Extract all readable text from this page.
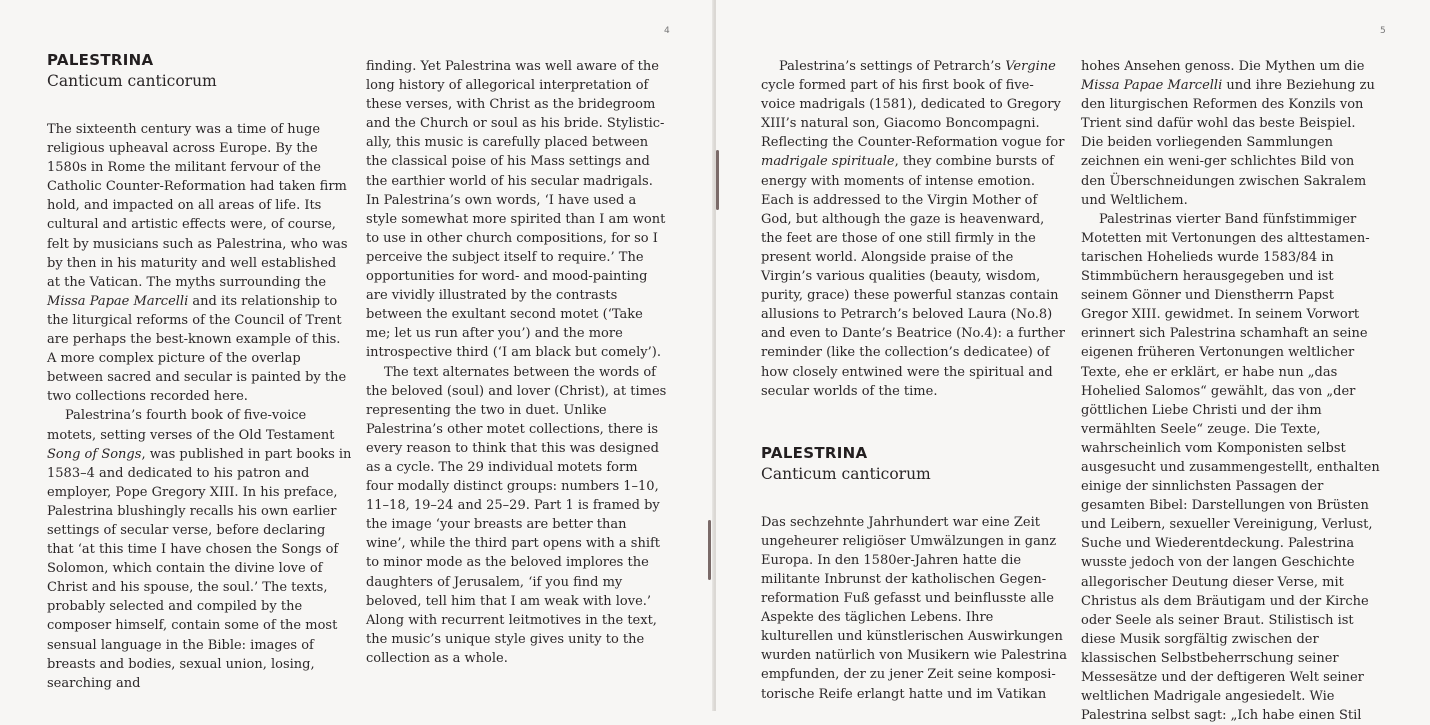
4
PALESTRINA
Canticum canticorum

The sixteenth century was a time of huge religious upheaval across Europe. By the 1580s in Rome the militant fervour of the Catholic Counter-Reformation had taken firm hold, and impacted on all areas of life. Its cultural and artistic effects were, of course, felt by musicians such as Palestrina, who was by then in his maturity and well established at the Vatican. The myths surrounding the Missa Papae Marcelli and its relationship to the liturgical reforms of the Council of Trent are perhaps the best-known example of this. A more complex picture of the overlap between sacred and secular is painted by the two collections recorded here.

Palestrina’s fourth book of five-voice motets, setting verses of the Old Testament Song of Songs, was published in part books in 1583–4 and dedicated to his patron and employer, Pope Gregory XIII. In his preface, Palestrina blushingly recalls his own earlier settings of secular verse, before declaring that ‘at this time I have chosen the Songs of Solomon, which contain the divine love of Christ and his spouse, the soul.’ The texts, probably selected and compiled by the composer himself, contain some of the most sensual language in the Bible: images of breasts and bodies, sexual union, losing, searching and

finding. Yet Palestrina was well aware of the long history of allegorical interpretation of these verses, with Christ as the bridegroom and the Church or soul as his bride. Stylistic-ally, this music is carefully placed between the classical poise of his Mass settings and the earthier world of his secular madrigals. In Palestrina’s own words, ‘I have used a style somewhat more spirited than I am wont to use in other church compositions, for so I perceive the subject itself to require.’ The opportunities for word- and mood-painting are vividly illustrated by the contrasts between the exultant second motet (‘Take me; let us run after you’) and the more introspective third (‘I am black but comely’).

The text alternates between the words of the beloved (soul) and lover (Christ), at times representing the two in duet. Unlike Palestrina’s other motet collections, there is every reason to think that this was designed as a cycle. The 29 individual motets form four modally distinct groups: numbers 1–10, 11–18, 19–24 and 25–29. Part 1 is framed by the image ‘your breasts are better than wine’, while the third part opens with a shift to minor mode as the beloved implores the daughters of Jerusalem, ‘if you find my beloved, tell him that I am weak with love.’ Along with recurrent leitmotives in the text, the music’s unique style gives unity to the collection as a whole.

5

Palestrina’s settings of Petrarch’s Vergine cycle formed part of his first book of five-voice madrigals (1581), dedicated to Gregory XIII’s natural son, Giacomo Boncompagni. Reflecting the Counter-Reformation vogue for madrigale spirituale, they combine bursts of energy with moments of intense emotion. Each is addressed to the Virgin Mother of God, but although the gaze is heavenward, the feet are those of one still firmly in the present world. Alongside praise of the Virgin’s various qualities (beauty, wisdom, purity, grace) these powerful stanzas contain allusions to Petrarch’s beloved Laura (No.8) and even to Dante’s Beatrice (No.4): a further reminder (like the collection’s dedicatee) of how closely entwined were the spiritual and secular worlds of the time.

PALESTRINA
Canticum canticorum

Das sechzehnte Jahrhundert war eine Zeit ungeheurer religiöser Umwälzungen in ganz Europa. In den 1580er-Jahren hatte die militante Inbrunst der katholischen Gegen-reformation Fuß gefasst und beinflusste alle Aspekte des täglichen Lebens. Ihre kulturellen und künstlerischen Auswirkungen wurden natürlich von Musikern wie Palestrina empfunden, der zu jener Zeit seine komposi-torische Reife erlangt hatte und im Vatikan

hohes Ansehen genoss. Die Mythen um die Missa Papae Marcelli und ihre Beziehung zu den liturgischen Reformen des Konzils von Trient sind dafür wohl das beste Beispiel. Die beiden vorliegenden Sammlungen zeichnen ein weni-ger schlichtes Bild von den Überschneidungen zwischen Sakralem und Weltlichem.

Palestrinas vierter Band fünfstimmiger Motetten mit Vertonungen des alttestamen-tarischen Hohelieds wurde 1583/84 in Stimmbüchern herausgegeben und ist seinem Gönner und Dienstherrn Papst Gregor XIII. gewidmet. In seinem Vorwort erinnert sich Palestrina schamhaft an seine eigenen früheren Vertonungen weltlicher Texte, ehe er erklärt, er habe nun „das Hohelied Salomos“ gewählt, das von „der göttlichen Liebe Christi und der ihm vermählten Seele“ zeuge. Die Texte, wahrscheinlich vom Komponisten selbst ausgesucht und zusammengestellt, enthalten einige der sinnlichsten Passagen der gesamten Bibel: Darstellungen von Brüsten und Leibern, sexueller Vereinigung, Verlust, Suche und Wiederentdeckung. Palestrina wusste jedoch von der langen Geschichte allegorischer Deutung dieser Verse, mit Christus als dem Bräutigam und der Kirche oder Seele als seiner Braut. Stilistisch ist diese Musik sorgfältig zwischen der klassischen Selbstbeherrschung seiner Messesätze und der deftigeren Welt seiner weltlichen Madrigale angesiedelt. Wie Palestrina selbst sagt: „Ich habe einen Stil
